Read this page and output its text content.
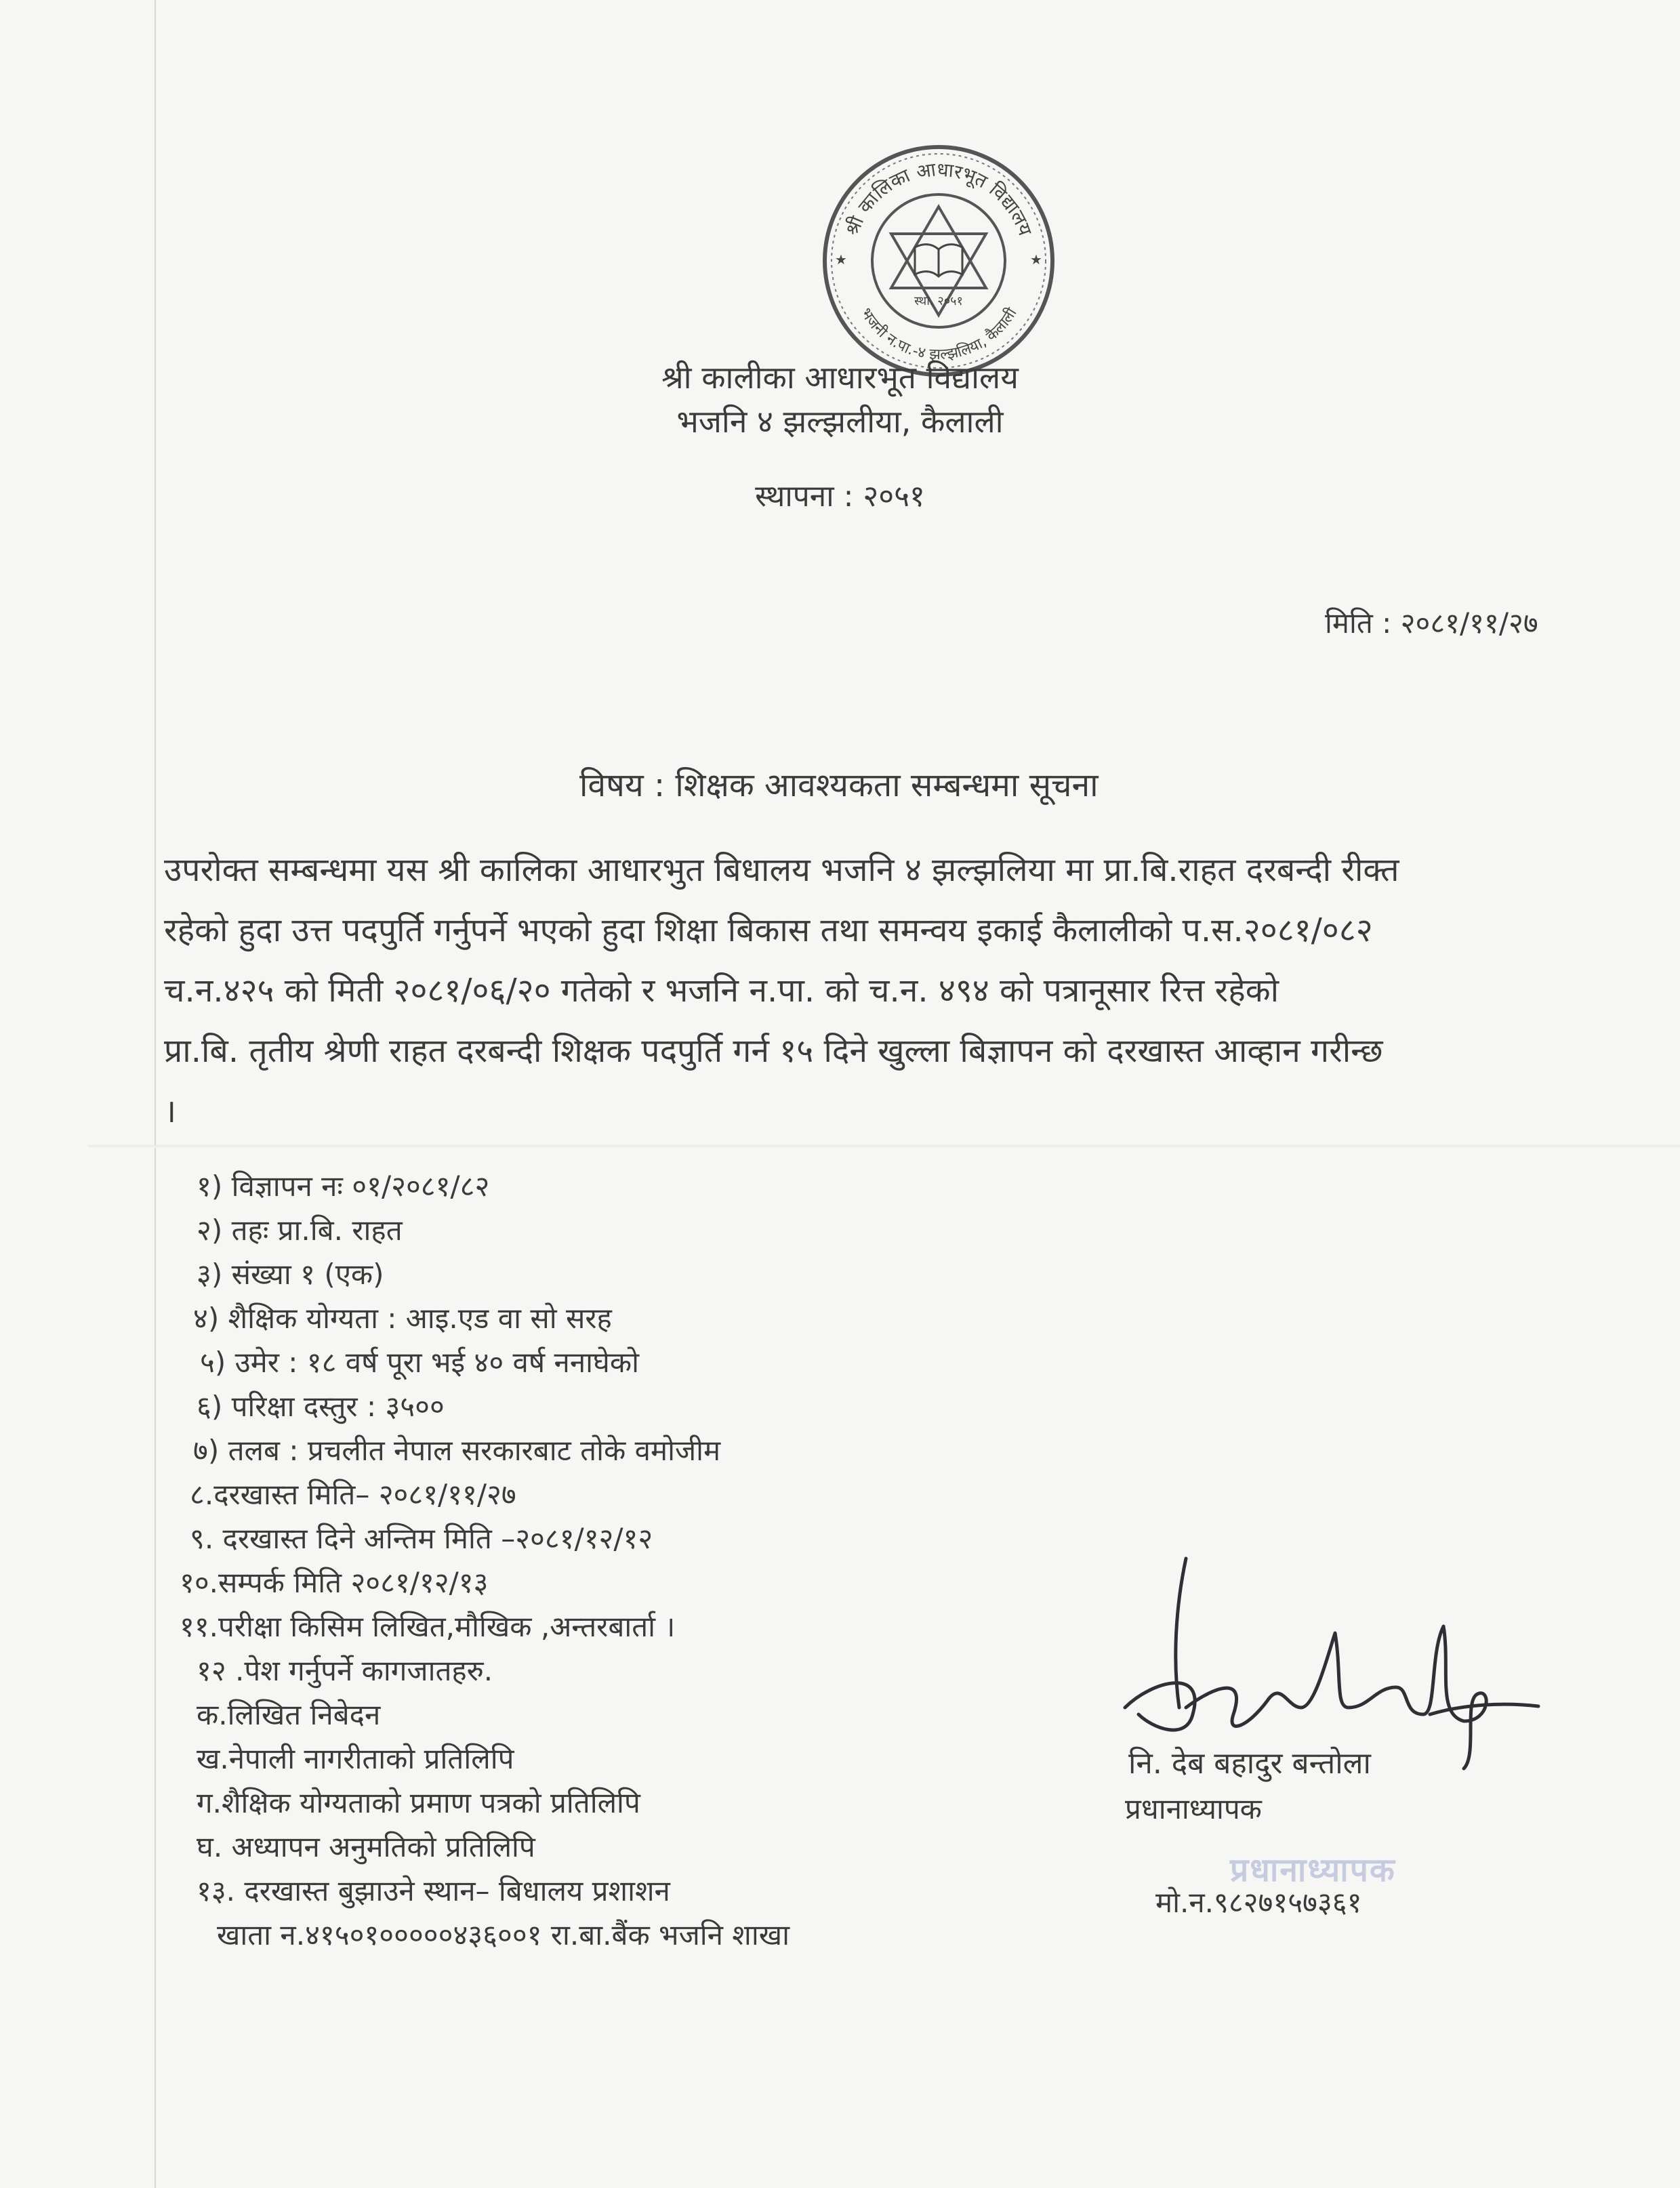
श्री कालिका आधारभूत विद्यालय
भजनी न.पा.-४ झल्झलिया, कैलाली
स्था. २०५१
★	★
श्री कालीका आधारभूत विद्यालय
भजनि ४ झल्झलीया, कैलाली
स्थापना : २०५१
मिति : २०८१/११/२७
विषय : शिक्षक आवश्यकता सम्बन्धमा सूचना
उपरोक्त सम्बन्धमा यस श्री कालिका आधारभुत बिधालय भजनि ४ झल्झलिया मा प्रा.बि.राहत दरबन्दी रीक्त
रहेको हुदा उत्त पदपुर्ति गर्नुपर्ने भएको हुदा शिक्षा बिकास तथा समन्वय इकाई कैलालीको प.स.२०८१/०८२
च.न.४२५ को मिती २०८१/०६/२० गतेको र भजनि न.पा. को च.न. ४९४ को पत्रानूसार रित्त रहेको
प्रा.बि. तृतीय श्रेणी राहत दरबन्दी शिक्षक पदपुर्ति गर्न १५ दिने खुल्ला बिज्ञापन को दरखास्त आव्हान गरीन्छ
।
१) विज्ञापन नः ०१/२०८१/८२
२) तहः प्रा.बि. राहत
३) संख्या १ (एक)
४) शैक्षिक योग्यता : आइ.एड वा सो सरह
५) उमेर : १८ वर्ष पूरा भई ४० वर्ष ननाघेको
६) परिक्षा दस्तुर : ३५००
७) तलब : प्रचलीत नेपाल सरकारबाट तोके वमोजीम
८.दरखास्त मिति– २०८१/११/२७
९. दरखास्त दिने अन्तिम मिति –२०८१/१२/१२
१०.सम्पर्क मिति २०८१/१२/१३
११.परीक्षा किसिम लिखित,मौखिक ,अन्तरबार्ता ।
१२ .पेश गर्नुपर्ने कागजातहरु.
क.लिखित निबेदन
ख.नेपाली नागरीताको प्रतिलिपि
ग.शैक्षिक योग्यताको प्रमाण पत्रको प्रतिलिपि
घ. अध्यापन अनुमतिको प्रतिलिपि
१३. दरखास्त बुझाउने स्थान– बिधालय प्रशाशन
खाता न.४१५०१०००००४३६००१ रा.बा.बैंक भजनि शाखा
नि. देब बहादुर बन्तोला
प्रधानाध्यापक
प्रधानाध्यापक
मो.न.९८२७१५७३६१
